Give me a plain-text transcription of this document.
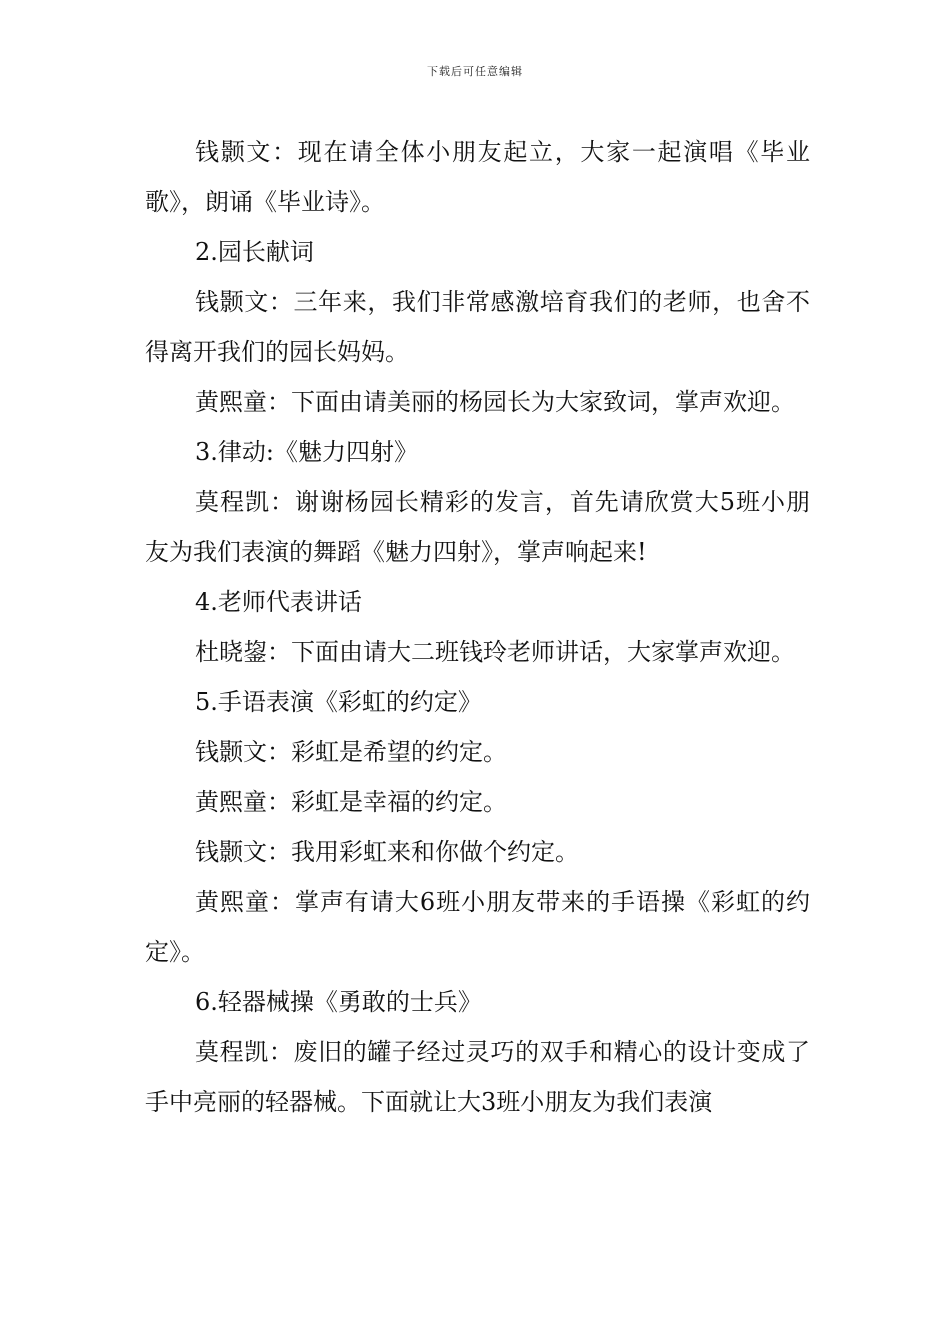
下载后可任意编辑

钱颢文：现在请全体小朋友起立，大家一起演唱《毕业歌》，朗诵《毕业诗》。

2.园长献词

钱颢文：三年来，我们非常感激培育我们的老师，也舍不得离开我们的园长妈妈。

黄熙童：下面由请美丽的杨园长为大家致词，掌声欢迎。

3.律动:《魅力四射》

莫程凯：谢谢杨园长精彩的发言，首先请欣赏大5班小朋友为我们表演的舞蹈《魅力四射》，掌声响起来!

4.老师代表讲话

杜晓鋆：下面由请大二班钱玲老师讲话，大家掌声欢迎。

5.手语表演《彩虹的约定》

钱颢文：彩虹是希望的约定。

黄熙童：彩虹是幸福的约定。

钱颢文：我用彩虹来和你做个约定。

黄熙童：掌声有请大6班小朋友带来的手语操《彩虹的约定》。

6.轻器械操《勇敢的士兵》

莫程凯：废旧的罐子经过灵巧的双手和精心的设计变成了手中亮丽的轻器械。下面就让大3班小朋友为我们表演
